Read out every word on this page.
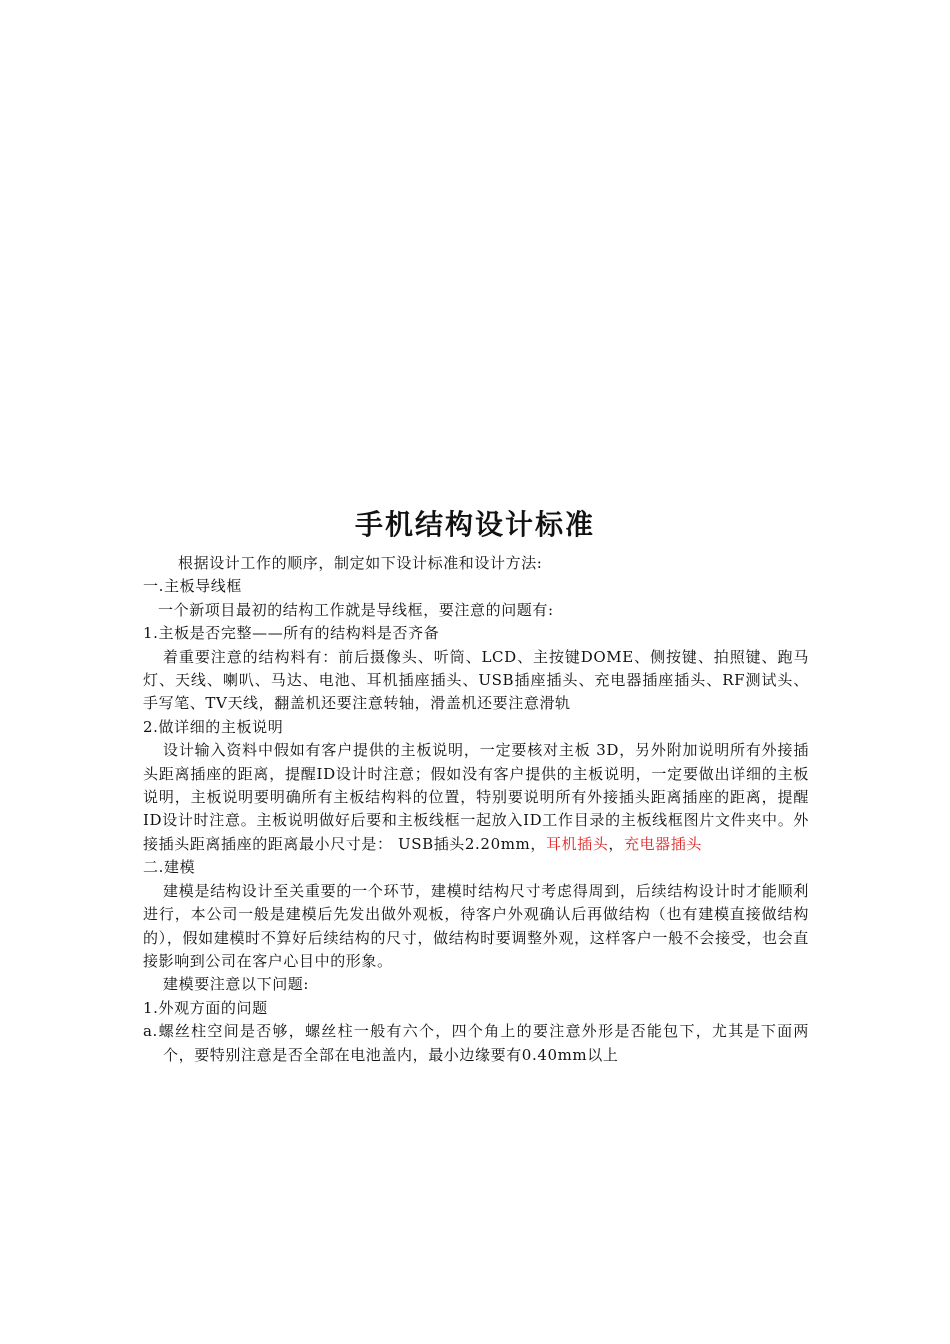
手机结构设计标准

根据设计工作的顺序，制定如下设计标准和设计方法:

一.主板导线框

一个新项目最初的结构工作就是导线框，要注意的问题有:

1.主板是否完整——所有的结构料是否齐备

着重要注意的结构料有：前后摄像头、听筒、LCD、主按键DOME、侧按键、拍照键、跑马灯、天线、喇叭、马达、电池、耳机插座插头、USB插座插头、充电器插座插头、RF测试头、手写笔、TV天线，翻盖机还要注意转轴，滑盖机还要注意滑轨

2.做详细的主板说明

设计输入资料中假如有客户提供的主板说明，一定要核对主板 3D，另外附加说明所有外接插头距离插座的距离，提醒ID设计时注意；假如没有客户提供的主板说明，一定要做出详细的主板说明，主板说明要明确所有主板结构料的位置，特别要说明所有外接插头距离插座的距离，提醒ID设计时注意。主板说明做好后要和主板线框一起放入ID工作目录的主板线框图片文件夹中。外接插头距离插座的距离最小尺寸是： USB插头2.20mm，耳机插头，充电器插头

二.建模

建模是结构设计至关重要的一个环节，建模时结构尺寸考虑得周到，后续结构设计时才能顺利进行，本公司一般是建模后先发出做外观板，待客户外观确认后再做结构（也有建模直接做结构的），假如建模时不算好后续结构的尺寸，做结构时要调整外观，这样客户一般不会接受，也会直接影响到公司在客户心目中的形象。

建模要注意以下问题:

1.外观方面的问题

a.螺丝柱空间是否够，螺丝柱一般有六个，四个角上的要注意外形是否能包下，尤其是下面两个，要特别注意是否全部在电池盖内，最小边缘要有0.40mm以上
